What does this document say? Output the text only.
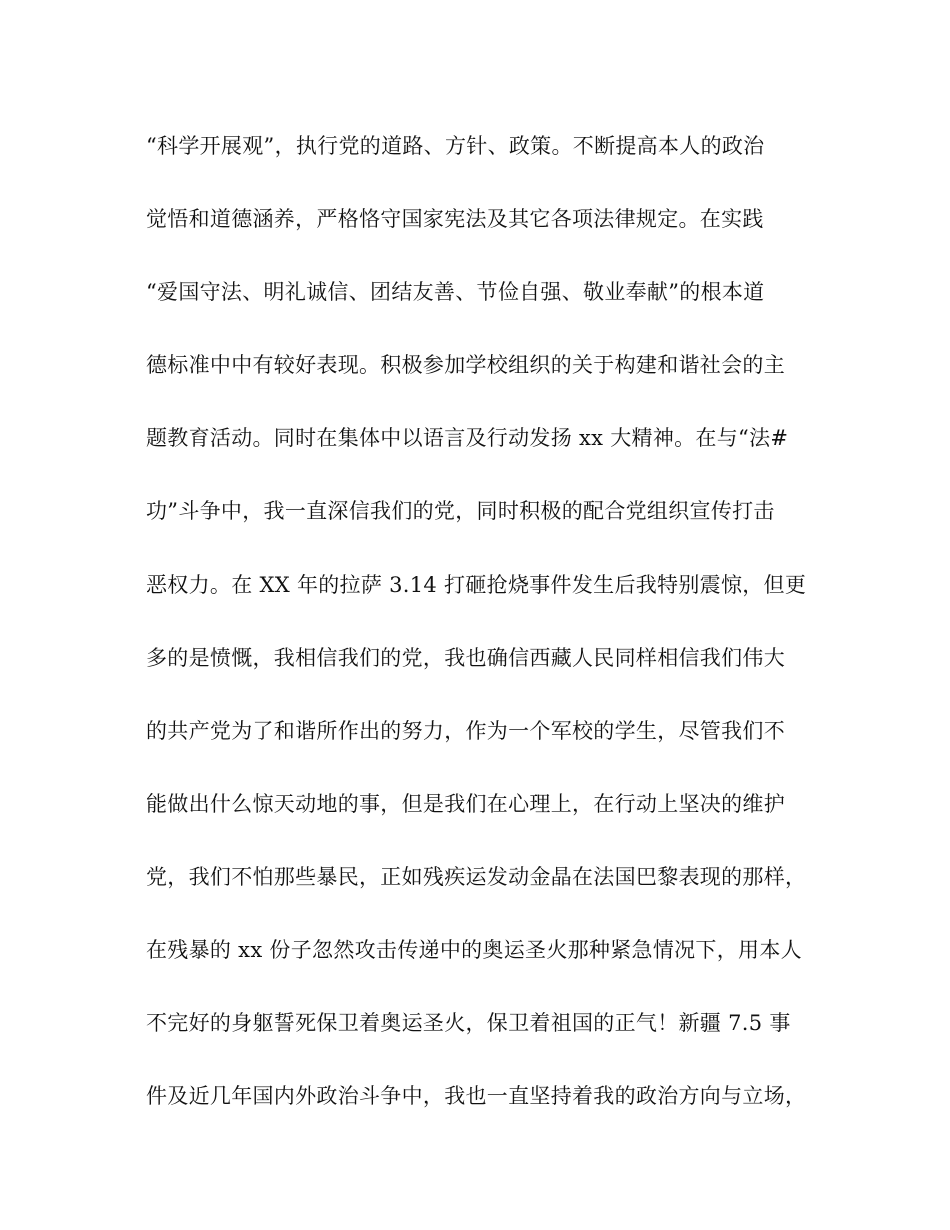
“科学开展观”，执行党的道路、方针、政策。不断提高本人的政治
觉悟和道德涵养，严格恪守国家宪法及其它各项法律规定。在实践
“爱国守法、明礼诚信、团结友善、节俭自强、敬业奉献”的根本道
德标准中中有较好表现。积极参加学校组织的关于构建和谐社会的主
题教育活动。同时在集体中以语言及行动发扬 xx 大精神。在与“法#
功”斗争中，我一直深信我们的党，同时积极的配合党组织宣传打击
恶权力。在 XX 年的拉萨 3.14 打砸抢烧事件发生后我特别震惊，但更
多的是愤慨，我相信我们的党，我也确信西藏人民同样相信我们伟大
的共产党为了和谐所作出的努力，作为一个军校的学生，尽管我们不
能做出什么惊天动地的事，但是我们在心理上，在行动上坚决的维护
党，我们不怕那些暴民，正如残疾运发动金晶在法国巴黎表现的那样，
在残暴的 xx 份子忽然攻击传递中的奥运圣火那种紧急情况下，用本人
不完好的身躯誓死保卫着奥运圣火，保卫着祖国的正气！新疆 7.5 事
件及近几年国内外政治斗争中，我也一直坚持着我的政治方向与立场，
